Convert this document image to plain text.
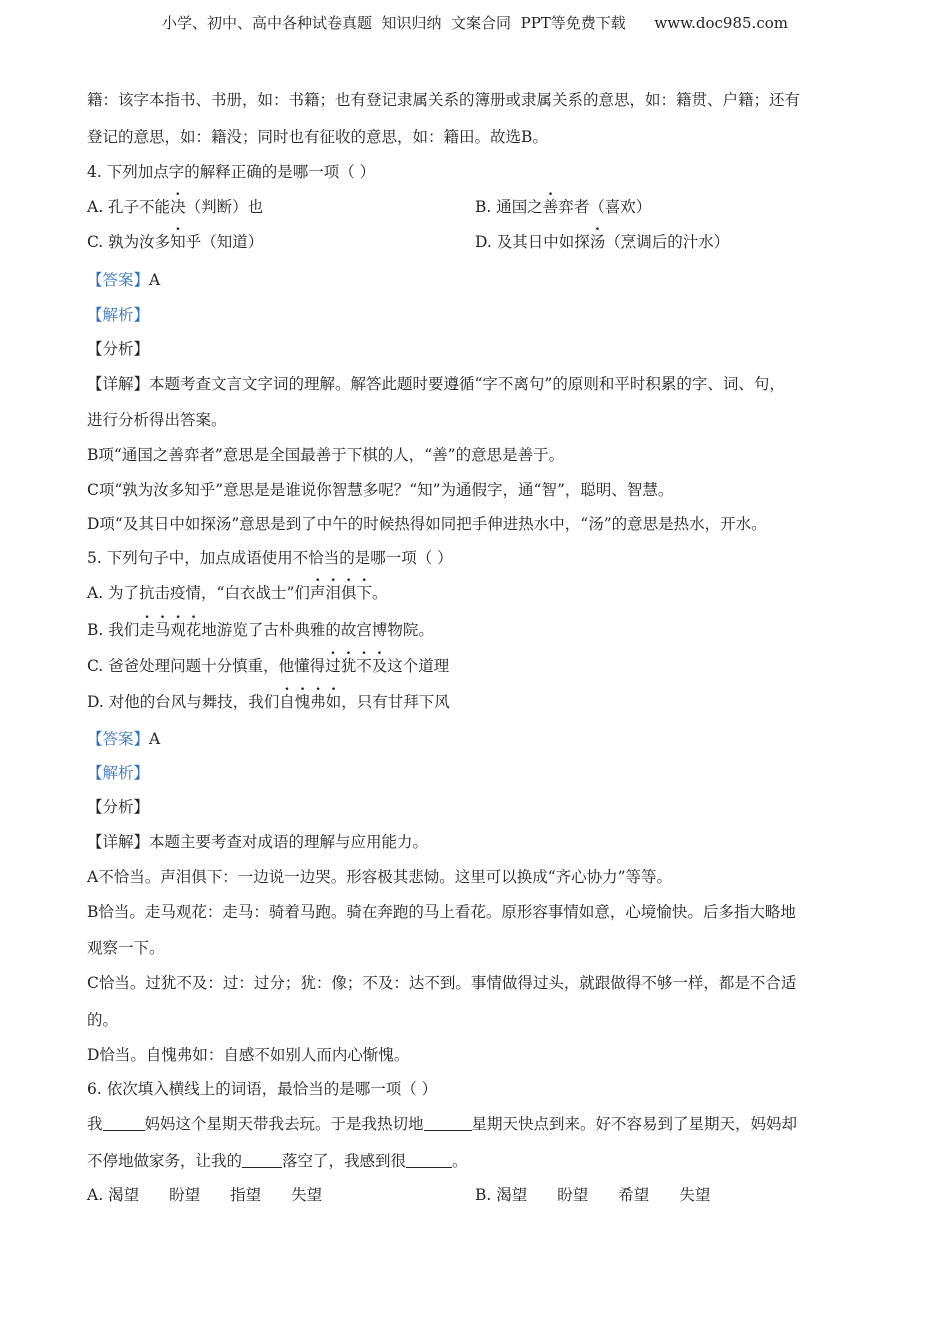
小学、初中、高中各种试卷真题  知识归纳  文案合同  PPT等免费下载      www.doc985.com
籍：该字本指书、书册，如：书籍；也有登记隶属关系的簿册或隶属关系的意思，如：籍贯、户籍；还有
登记的意思，如：籍没；同时也有征收的意思，如：籍田。故选B。
4. 下列加点字的解释正确的是哪一项（ ）
A. 孔子不能决（判断）也	B. 通国之善弈者（喜欢）
C. 孰为汝多知乎（知道）	D. 及其日中如探汤（烹调后的汁水）
【答案】A
【解析】
【分析】
【详解】本题考查文言文字词的理解。解答此题时要遵循“字不离句”的原则和平时积累的字、词、句，
进行分析得出答案。
B项“通国之善弈者”意思是全国最善于下棋的人，“善”的意思是善于。
C项“孰为汝多知乎”意思是是谁说你智慧多呢？“知”为通假字，通“智”，聪明、智慧。
D项“及其日中如探汤”意思是到了中午的时候热得如同把手伸进热水中，“汤”的意思是热水，开水。
5. 下列句子中，加点成语使用不恰当的是哪一项（ ）
A. 为了抗击疫情，“白衣战士”们声泪俱下。
B. 我们走马观花地游览了古朴典雅的故宫博物院。
C. 爸爸处理问题十分慎重，他懂得过犹不及这个道理
D. 对他的台风与舞技，我们自愧弗如，只有甘拜下风
【答案】A
【解析】
【分析】
【详解】本题主要考查对成语的理解与应用能力。
A不恰当。声泪俱下：一边说一边哭。形容极其悲恸。这里可以换成“齐心协力”等等。
B恰当。走马观花：走马：骑着马跑。骑在奔跑的马上看花。原形容事情如意，心境愉快。后多指大略地
观察一下。
C恰当。过犹不及：过：过分；犹：像；不及：达不到。事情做得过头，就跟做得不够一样，都是不合适
的。
D恰当。自愧弗如：自感不如别人而内心惭愧。
6. 依次填入横线上的词语，最恰当的是哪一项（ ）
我	妈妈这个星期天带我去玩。于是我热切地	星期天快点到来。好不容易到了星期天，妈妈却
不停地做家务，让我的	落空了，我感到很	。
A. 渴望 盼望 指望 失望	B. 渴望 盼望 希望 失望
